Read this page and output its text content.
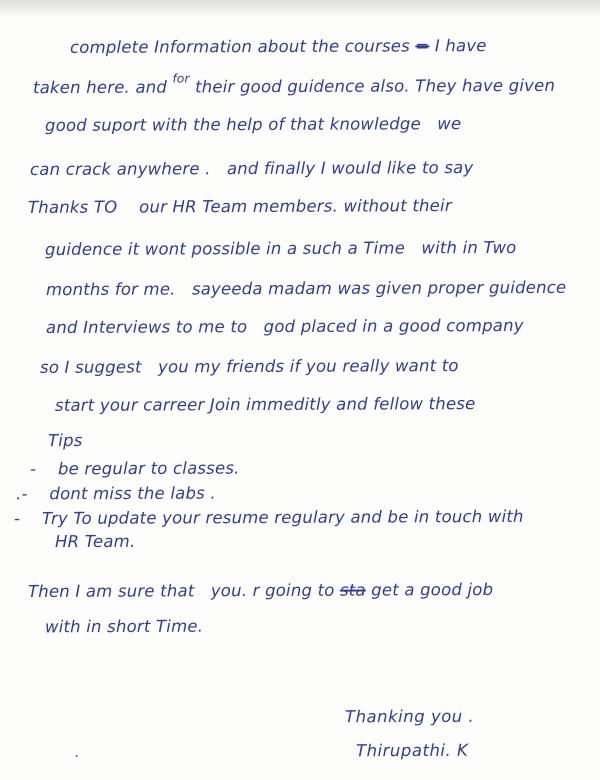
complete Information about the courses = I have
taken here. and $^{for}$ their good guidence also. They have given
good suport with the help of that knowledge   we
can crack anywhere .   and finally I would like to say
Thanks TO    our HR Team members. without their
guidence it wont possible in a such a Time   with in Two
months for me.   sayeeda madam was given proper guidence
and Interviews to me to   god placed in a good company
so I suggest   you my friends if you really want to
start your carreer Join immeditly and fellow these
Tips
-    be regular to classes.
.-    dont miss the labs .
-    Try To update your resume regulary and be in touch with
HR Team.
Then I am sure that   you. r going to sta get a good job
with in short Time.
Thanking you .
Thirupathi. K
.
